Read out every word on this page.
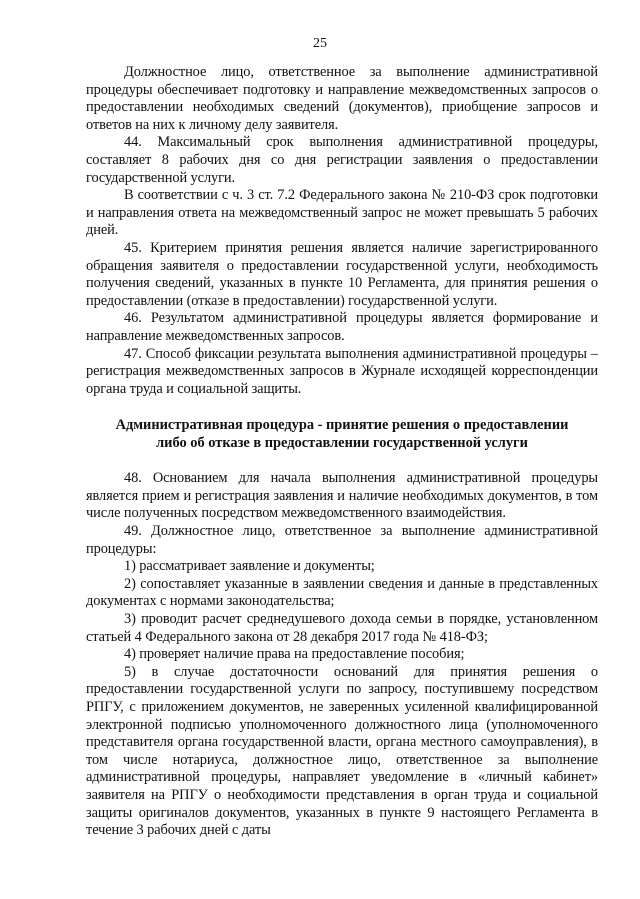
25

Должностное лицо, ответственное за выполнение административной процедуры обеспечивает подготовку и направление межведомственных запросов о предоставлении необходимых сведений (документов), приобщение запросов и ответов на них к личному делу заявителя.

44. Максимальный срок выполнения административной процедуры, составляет 8 рабочих дня со дня регистрации заявления о предоставлении государственной услуги.

В соответствии с ч. 3 ст. 7.2 Федерального закона № 210-ФЗ срок подготовки и направления ответа на межведомственный запрос не может превышать 5 рабочих дней.

45. Критерием принятия решения является наличие зарегистрированного обращения заявителя о предоставлении государственной услуги, необходимость получения сведений, указанных в пункте 10 Регламента, для принятия решения о предоставлении (отказе в предоставлении) государственной услуги.

46. Результатом административной процедуры является формирование и направление межведомственных запросов.

47. Способ фиксации результата выполнения административной процедуры – регистрация межведомственных запросов в Журнале исходящей корреспонденции органа труда и социальной защиты.

Административная процедура - принятие решения о предоставлении
либо об отказе в предоставлении государственной услуги

48. Основанием для начала выполнения административной процедуры является прием и регистрация заявления и наличие необходимых документов, в том числе полученных посредством межведомственного взаимодействия.

49. Должностное лицо, ответственное за выполнение административной процедуры:

1) рассматривает заявление и документы;

2) сопоставляет указанные в заявлении сведения и данные в представленных документах с нормами законодательства;

3) проводит расчет среднедушевого дохода семьи в порядке, установленном статьей 4 Федерального закона от 28 декабря 2017 года № 418-ФЗ;

4) проверяет наличие права на предоставление пособия;

5) в случае достаточности оснований для принятия решения о предоставлении государственной услуги по запросу, поступившему посредством РПГУ, с приложением документов, не заверенных усиленной квалифицированной электронной подписью уполномоченного должностного лица (уполномоченного представителя органа государственной власти, органа местного самоуправления), в том числе нотариуса, должностное лицо, ответственное за выполнение административной процедуры, направляет уведомление в «личный кабинет» заявителя на РПГУ о необходимости представления в орган труда и социальной защиты оригиналов документов, указанных в пункте 9 настоящего Регламента в течение 3 рабочих дней с даты
